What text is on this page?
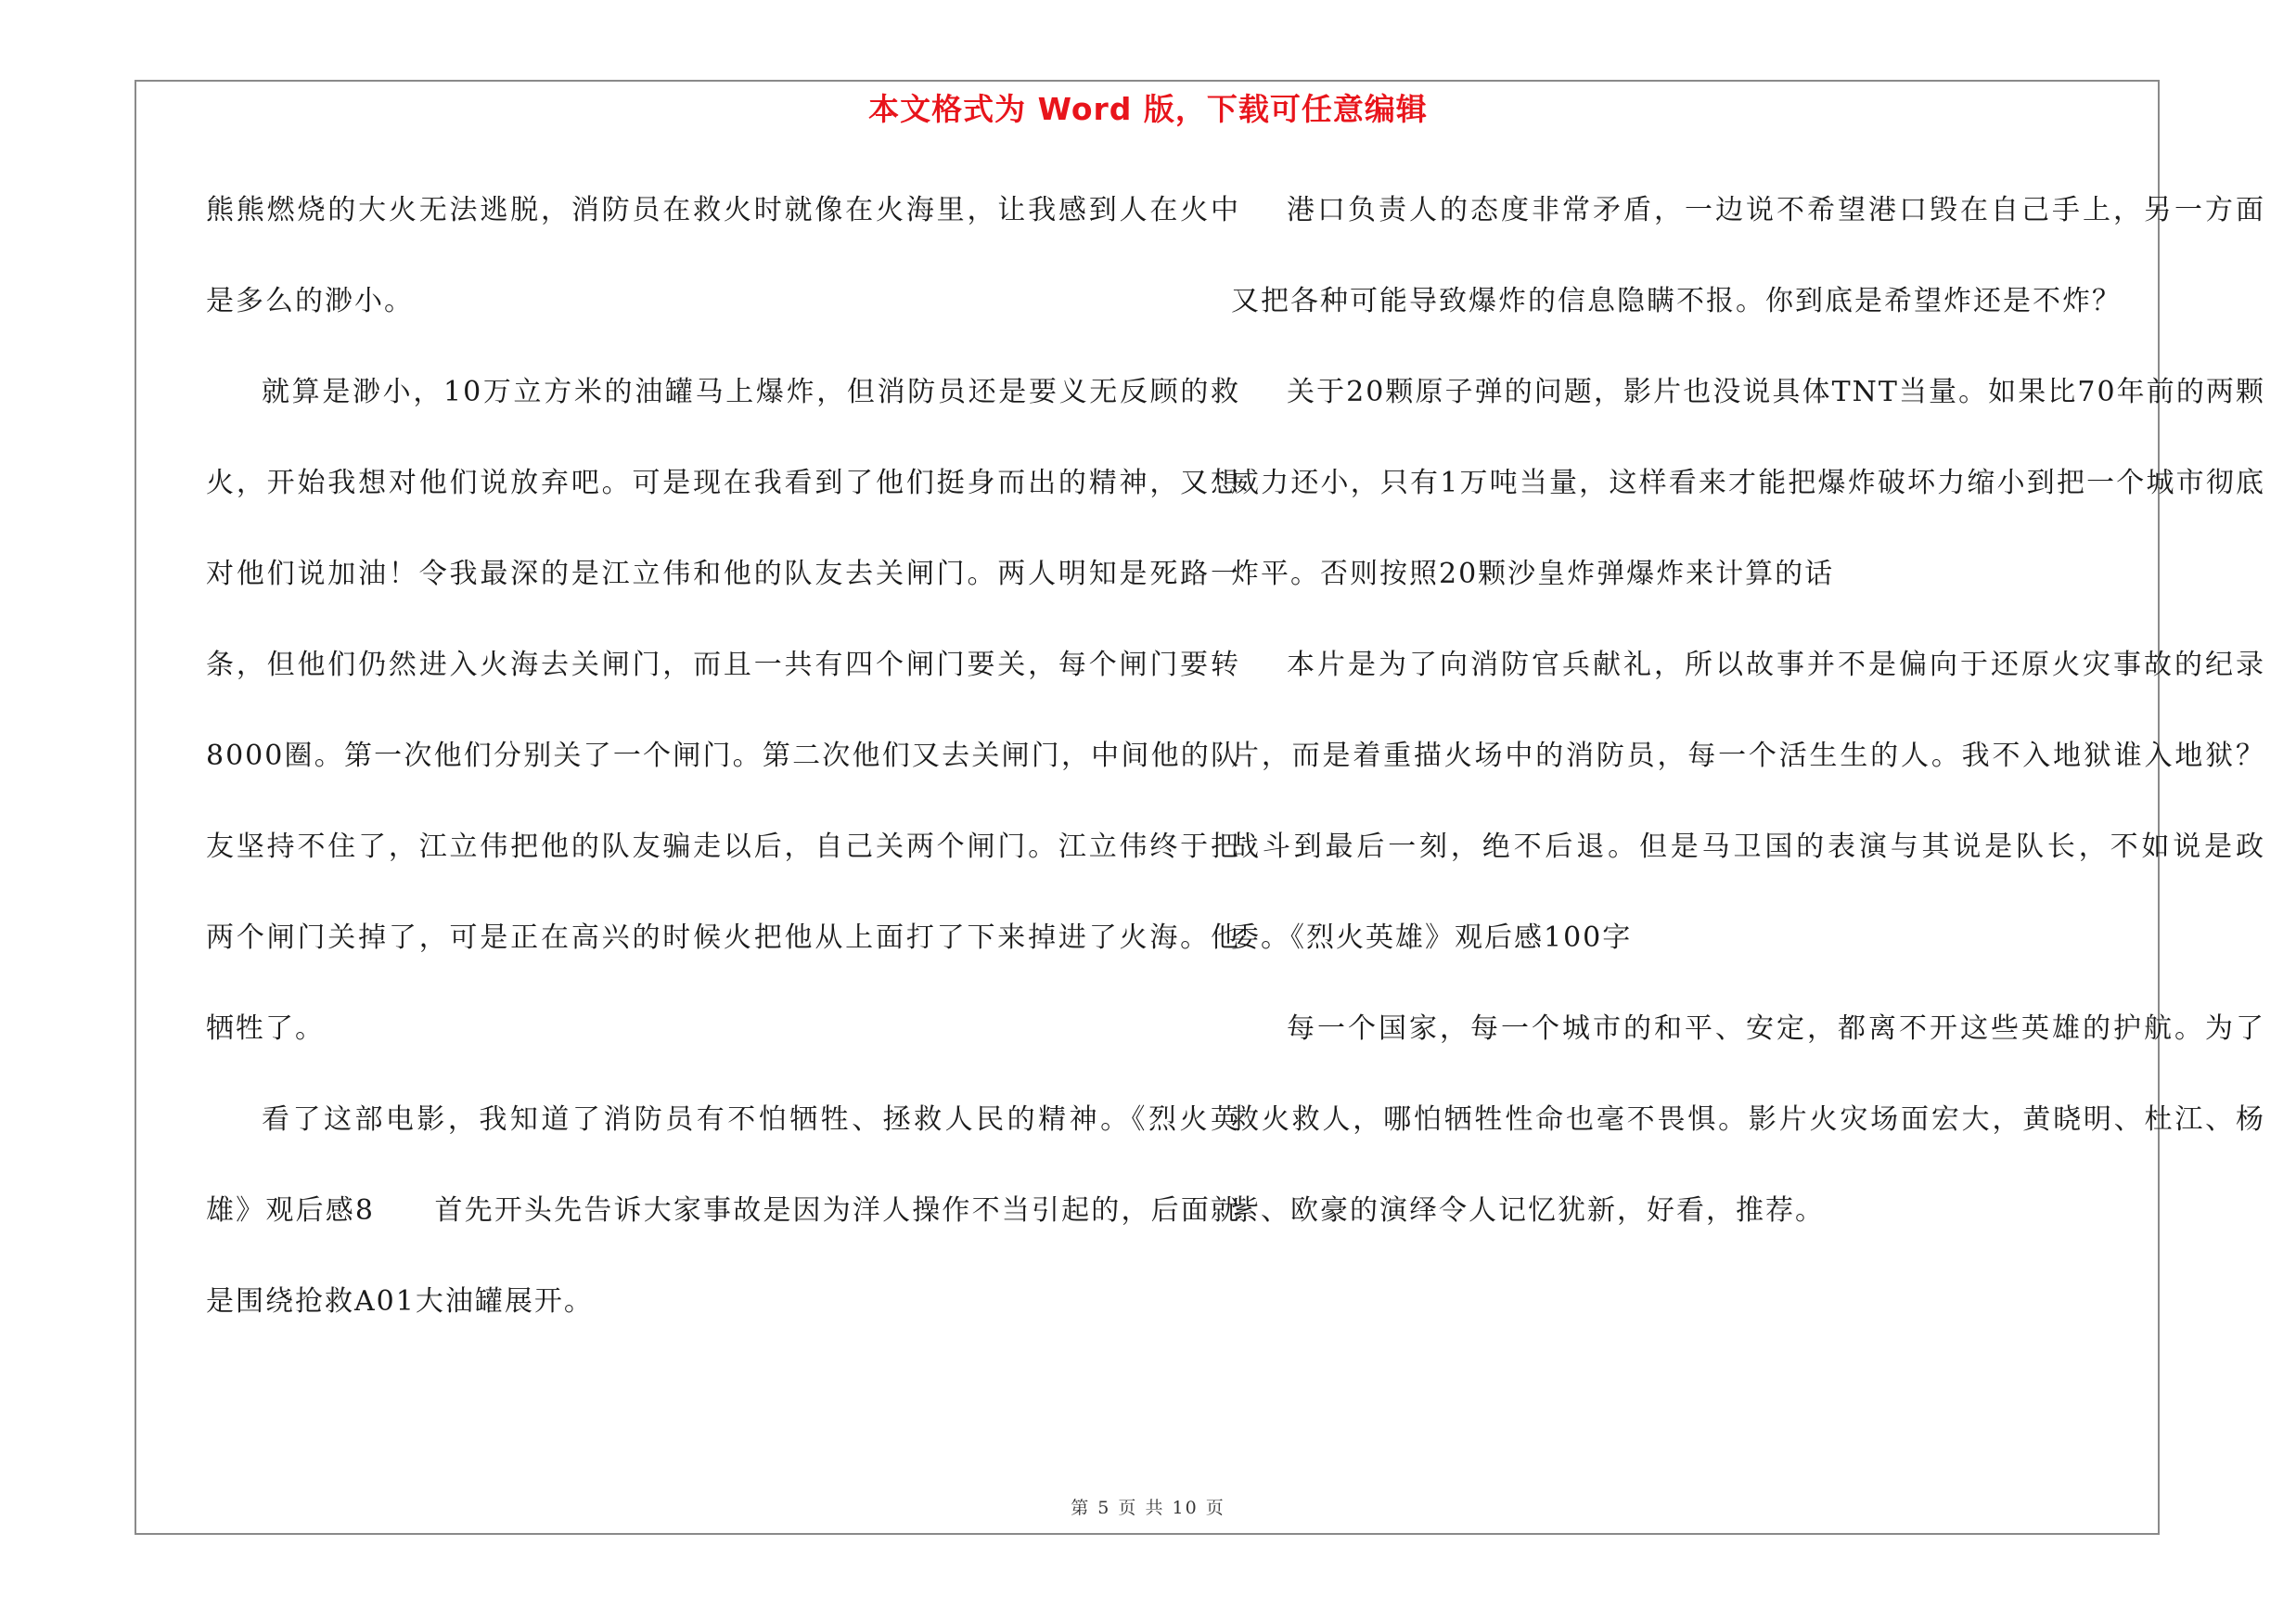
本文格式为 Word 版，下载可任意编辑

熊熊燃烧的大火无法逃脱，消防员在救火时就像在火海里，让我感到人在火中是多么的渺小。

就算是渺小，10万立方米的油罐马上爆炸，但消防员还是要义无反顾的救火，开始我想对他们说放弃吧。可是现在我看到了他们挺身而出的精神，又想对他们说加油！令我最深的是江立伟和他的队友去关闸门。两人明知是死路一条，但他们仍然进入火海去关闸门，而且一共有四个闸门要关，每个闸门要转8000圈。第一次他们分别关了一个闸门。第二次他们又去关闸门，中间他的队友坚持不住了，江立伟把他的队友骗走以后，自己关两个闸门。江立伟终于把两个闸门关掉了，可是正在高兴的时候火把他从上面打了下来掉进了火海。他牺牲了。

看了这部电影，我知道了消防员有不怕牺牲、拯救人民的精神。《烈火英雄》观后感8　　首先开头先告诉大家事故是因为洋人操作不当引起的，后面就是围绕抢救A01大油罐展开。

港口负责人的态度非常矛盾，一边说不希望港口毁在自己手上，另一方面又把各种可能导致爆炸的信息隐瞒不报。你到底是希望炸还是不炸？

关于20颗原子弹的问题，影片也没说具体TNT当量。如果比70年前的两颗威力还小，只有1万吨当量，这样看来才能把爆炸破坏力缩小到把一个城市彻底炸平。否则按照20颗沙皇炸弹爆炸来计算的话

本片是为了向消防官兵献礼，所以故事并不是偏向于还原火灾事故的纪录片，而是着重描火场中的消防员，每一个活生生的人。我不入地狱谁入地狱？战斗到最后一刻，绝不后退。但是马卫国的表演与其说是队长，不如说是政委。《烈火英雄》观后感100字

每一个国家，每一个城市的和平、安定，都离不开这些英雄的护航。为了救火救人，哪怕牺牲性命也毫不畏惧。影片火灾场面宏大，黄晓明、杜江、杨紫、欧豪的演绎令人记忆犹新，好看，推荐。

第 5 页 共 10 页
